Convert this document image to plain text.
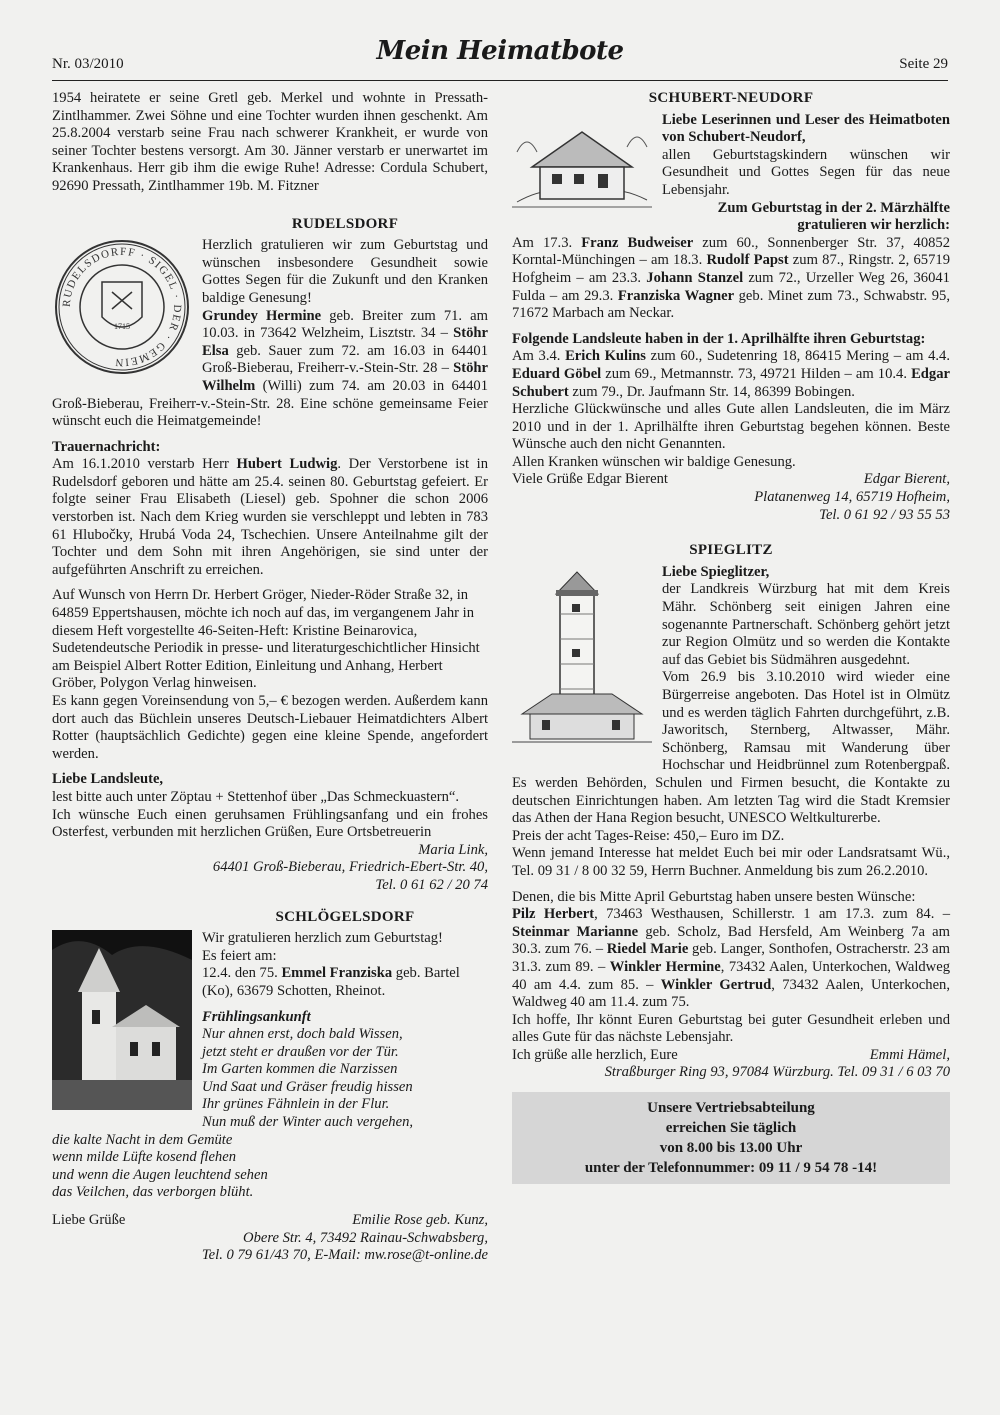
Nr. 03/2010	Mein Heimatbote	Seite 29

1954 heiratete er seine Gretl geb. Merkel und wohnte in Pressath-Zintlhammer. Zwei Söhne und eine Tochter wurden ihnen geschenkt. Am 25.8.2004 verstarb seine Frau nach schwerer Krankheit, er wurde von seiner Tochter bestens versorgt. Am 30. Jänner verstarb er unerwartet im Krankenhaus. Herr gib ihm die ewige Ruhe! Adresse: Cordula Schubert, 92690 Pressath, Zintlhammer 19b. M. Fitzner

RUDELSDORF
RUDELSDORFF · SIGEL · DER · GEMEIN
1715

Herzlich gratulieren wir zum Geburtstag und wünschen insbesondere Gesundheit sowie Gottes Segen für die Zukunft und den Kranken baldige Genesung!

Grundey Hermine geb. Breiter zum 71. am 10.03. in 73642 Welzheim, Lisztstr. 34 – Stöhr Elsa geb. Sauer zum 72. am 16.03 in 64401 Groß-Bieberau, Freiherr-v.-Stein-Str. 28 – Stöhr Wilhelm (Willi) zum 74. am 20.03 in 64401 Groß-Bieberau, Freiherr-v.-Stein-Str. 28. Eine schöne gemeinsame Feier wünscht euch die Heimatgemeinde!

Trauernachricht:

Am 16.1.2010 verstarb Herr Hubert Ludwig. Der Verstorbene ist in Rudelsdorf geboren und hätte am 25.4. seinen 80. Geburtstag gefeiert. Er folgte seiner Frau Elisabeth (Liesel) geb. Spohner die schon 2006 verstorben ist. Nach dem Krieg wurden sie verschleppt und lebten in 783 61 Hlubočky, Hrubá Voda 24, Tschechien. Unsere Anteilnahme gilt der Tochter und dem Sohn mit ihren Angehörigen, sie sind unter der aufgeführten Anschrift zu erreichen.

Auf Wunsch von Herrn Dr. Herbert Gröger, Nieder-Röder Straße 32, in 64859 Eppertshausen, möchte ich noch auf das, im vergangenem Jahr in diesem Heft vorgestellte 46-Seiten-Heft: Kristine Beinarovica, Sudetendeutsche Periodik in presse- und literaturgeschichtlicher Hinsicht am Beispiel Albert Rotter Edition, Einleitung und Anhang, Herbert Gröber, Polygon Verlag hinweisen.

Es kann gegen Voreinsendung von 5,– € bezogen werden. Außerdem kann dort auch das Büchlein unseres Deutsch-Liebauer Heimatdichters Albert Rotter (hauptsächlich Gedichte) gegen eine kleine Spende, angefordert werden.

Liebe Landsleute,

lest bitte auch unter Zöptau + Stettenhof über „Das Schmeckuastern“.

Ich wünsche Euch einen geruhsamen Frühlingsanfang und ein frohes Osterfest, verbunden mit herzlichen Grüßen, Eure Ortsbetreuerin

Maria Link,

64401 Groß-Bieberau, Friedrich-Ebert-Str. 40,

Tel. 0 61 62 / 20 74

SCHLÖGELSDORF

Wir gratulieren herzlich zum Geburtstag!

Es feiert am:

12.4. den 75. Emmel Franziska geb. Bartel (Ko), 63679 Schotten, Rheinot.

Frühlingsankunft

Nur ahnen erst, doch bald Wissen,

jetzt steht er draußen vor der Tür.

Im Garten kommen die Narzissen

Und Saat und Gräser freudig hissen

Ihr grünes Fähnlein in der Flur.

Nun muß der Winter auch vergehen,

die kalte Nacht in dem Gemüte

wenn milde Lüfte kosend flehen

und wenn die Augen leuchtend sehen

das Veilchen, das verborgen blüht.

Liebe Grüße	Emilie Rose geb. Kunz,

Obere Str. 4, 73492 Rainau-Schwabsberg,

Tel. 0 79 61/43 70, E-Mail: mw.rose@t-online.de

SCHUBERT-NEUDORF

Liebe Leserinnen und Leser des Heimatboten von Schubert-Neudorf,

allen Geburtstagskindern wünschen wir Gesundheit und Gottes Segen für das neue Lebensjahr.

Zum Geburtstag in der 2. Märzhälfte gratulieren wir herzlich:

Am 17.3. Franz Budweiser zum 60., Sonnenberger Str. 37, 40852 Korntal-Münchingen – am 18.3. Rudolf Papst zum 87., Ringstr. 2, 65719 Hofgheim – am 23.3. Johann Stanzel zum 72., Urzeller Weg 26, 36041 Fulda – am 29.3. Franziska Wagner geb. Minet zum 73., Schwabstr. 95, 71672 Marbach am Neckar.

Folgende Landsleute haben in der 1. Aprilhälfte ihren Geburtstag:

Am 3.4. Erich Kulins zum 60., Sudetenring 18, 86415 Mering – am 4.4. Eduard Göbel zum 69., Metmannstr. 73, 49721 Hilden – am 10.4. Edgar Schubert zum 79., Dr. Jaufmann Str. 14, 86399 Bobingen.

Herzliche Glückwünsche und alles Gute allen Landsleuten, die im März 2010 und in der 1. Aprilhälfte ihren Geburtstag begehen können. Beste Wünsche auch den nicht Genannten.

Allen Kranken wünschen wir baldige Genesung.

Viele Grüße Edgar Bierent	Edgar Bierent,

Platanenweg 14, 65719 Hofheim,

Tel. 0 61 92 / 93 55 53

SPIEGLITZ

Liebe Spieglitzer,

der Landkreis Würzburg hat mit dem Kreis Mähr. Schönberg seit einigen Jahren eine sogenannte Partnerschaft. Schönberg gehört jetzt zur Region Olmütz und so werden die Kontakte auf das Gebiet bis Südmähren ausgedehnt.

Vom 26.9 bis 3.10.2010 wird wieder eine Bürgerreise angeboten. Das Hotel ist in Olmütz und es werden täglich Fahrten durchgeführt, z.B. Jaworitsch, Sternberg, Altwasser, Mähr. Schönberg, Ramsau mit Wanderung über Hochschar und Heidbrünnel zum Rotenbergpaß. Es werden Behörden, Schulen und Firmen besucht, die Kontakte zu deutschen Einrichtungen haben. Am letzten Tag wird die Stadt Kremsier das Athen der Hana Region besucht, UNESCO Weltkulturerbe.

Preis der acht Tages-Reise: 450,– Euro im DZ.

Wenn jemand Interesse hat meldet Euch bei mir oder Landsratsamt Wü., Tel. 09 31 / 8 00 32 59, Herrn Buchner. Anmeldung bis zum 26.2.2010.

Denen, die bis Mitte April Geburtstag haben unsere besten Wünsche:

Pilz Herbert, 73463 Westhausen, Schillerstr. 1 am 17.3. zum 84. – Steinmar Marianne geb. Scholz, Bad Hersfeld, Am Weinberg 7a am 30.3. zum 76. – Riedel Marie geb. Langer, Sonthofen, Ostracherstr. 23 am 31.3. zum 89. – Winkler Hermine, 73432 Aalen, Unterkochen, Waldweg 40 am 4.4. zum 85. – Winkler Gertrud, 73432 Aalen, Unterkochen, Waldweg 40 am 11.4. zum 75.

Ich hoffe, Ihr könnt Euren Geburtstag bei guter Gesundheit erleben und alles Gute für das nächste Lebensjahr.

Ich grüße alle herzlich, Eure	Emmi Hämel,

Straßburger Ring 93, 97084 Würzburg. Tel. 09 31 / 6 03 70

Unsere Vertriebsabteilung

erreichen Sie täglich

von 8.00 bis 13.00 Uhr

unter der Telefonnummer: 09 11 / 9 54 78 -14!
